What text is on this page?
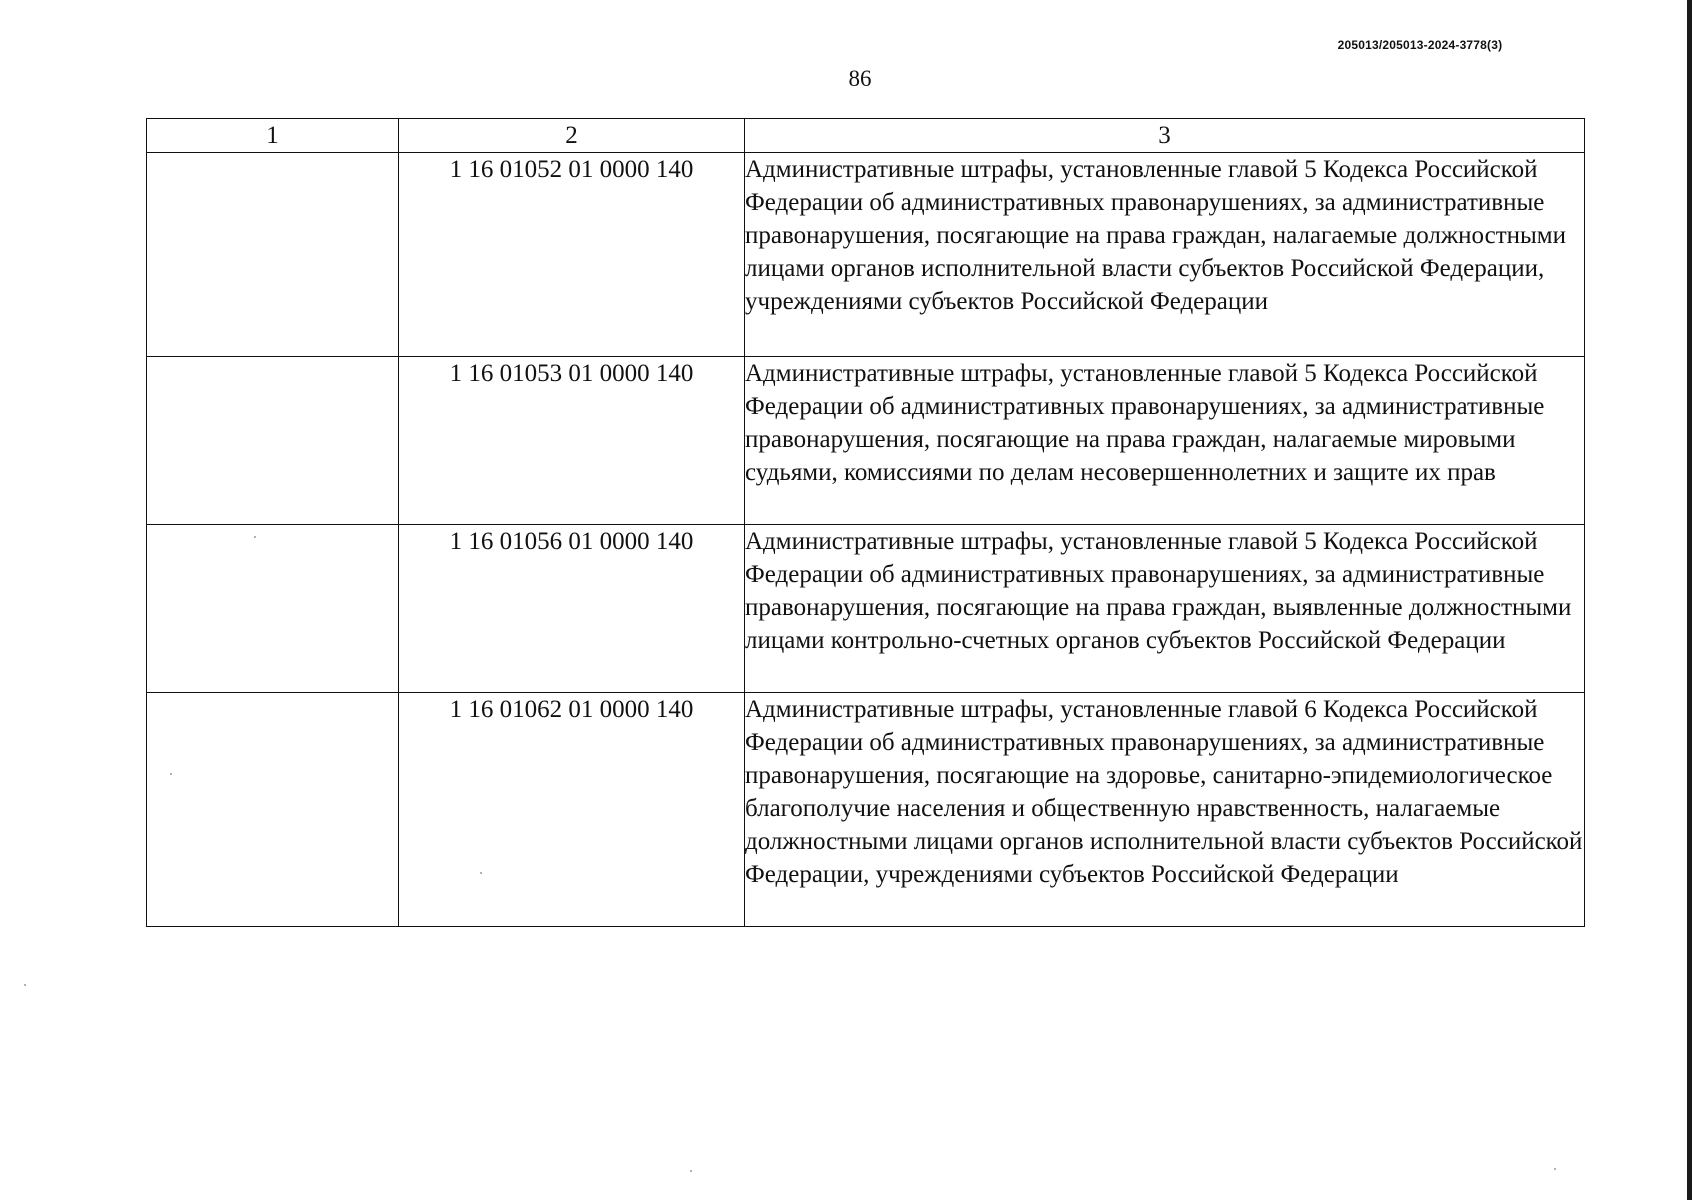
205013/205013-2024-3778(3)
86
1	2	3
	1 16 01052 01 0000 140	Административные штрафы, установленные главой 5 Кодекса Российской Федерации об административных правонарушениях, за административные правонарушения, посягающие на права граждан, налагаемые должностными лицами органов исполнительной власти субъектов Российской Федерации, учреждениями субъектов Российской Федерации
	1 16 01053 01 0000 140	Административные штрафы, установленные главой 5 Кодекса Российской Федерации об административных правонарушениях, за административные правонарушения, посягающие на права граждан, налагаемые мировыми судьями, комиссиями по делам несовершеннолетних и защите их прав
	1 16 01056 01 0000 140	Административные штрафы, установленные главой 5 Кодекса Российской Федерации об административных правонарушениях, за административные правонарушения, посягающие на права граждан, выявленные должностными лицами контрольно-счетных органов субъектов Российской Федерации
	1 16 01062 01 0000 140	Административные штрафы, установленные главой 6 Кодекса Российской Федерации об административных правонарушениях, за административные правонарушения, посягающие на здоровье, санитарно-эпидемиологическое благополучие населения и общественную нравственность, налагаемые должностными лицами органов исполнительной власти субъектов Российской Федерации, учреждениями субъектов Российской Федерации
